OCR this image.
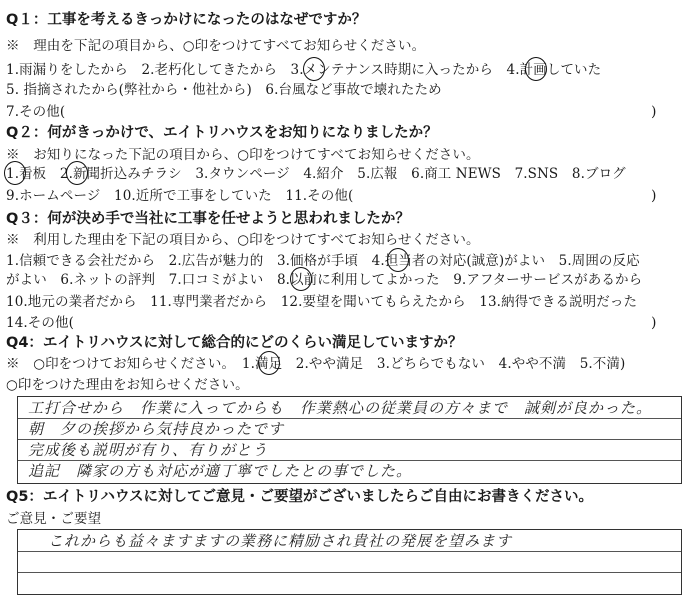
Q１：工事を考えるきっかけになったのはなぜですか？
※　理由を下記の項目から、○印をつけてすべてお知らせください。
1.雨漏りをしたから　2.老朽化してきたから　3.メンテナンス時期に入ったから　4.計画していた
5. 指摘されたから(弊社から・他社から)　6.台風など事故で壊れたため
7.その他(	)
Q２：何がきっかけで、エイトリハウスをお知りになりましたか？
※　お知りになった下記の項目から、○印をつけてすべてお知らせください。
1.看板　2.新聞折込みチラシ　3.タウンページ　4.紹介　5.広報　6.商工 NEWS　7.SNS　8.ブログ
9.ホームページ　10.近所で工事をしていた　11.その他(	)
Q３：何が決め手で当社に工事を任せようと思われましたか？
※　利用した理由を下記の項目から、○印をつけてすべてお知らせください。
1.信頼できる会社だから　2.広告が魅力的　3.価格が手頃　4.担当者の対応(誠意)がよい　5.周囲の反応
がよい　6.ネットの評判　7.口コミがよい　8.以前に利用してよかった　9.アフターサービスがあるから
10.地元の業者だから　11.専門業者だから　12.要望を聞いてもらえたから　13.納得できる説明だった
14.その他(	)
Q4：エイトリハウスに対して総合的にどのくらい満足していますか？
※　○印をつけてお知らせください。　1.満足　2.やや満足　3.どちらでもない　4.やや不満　5.不満)
○印をつけた理由をお知らせください。
工打合せから　作業に入ってからも　作業熱心の従業員の方々まで　誠剣が良かった。
朝　夕の挨拶から気持良かったです
完成後も説明が有り、有りがとう
追記　隣家の方も対応が適丁寧でしたとの事でした。
Q5：エイトリハウスに対してご意見・ご要望がございましたらご自由にお書きください。
ご意見・ご要望
これからも益々ますますの業務に精励され貴社の発展を望みます
